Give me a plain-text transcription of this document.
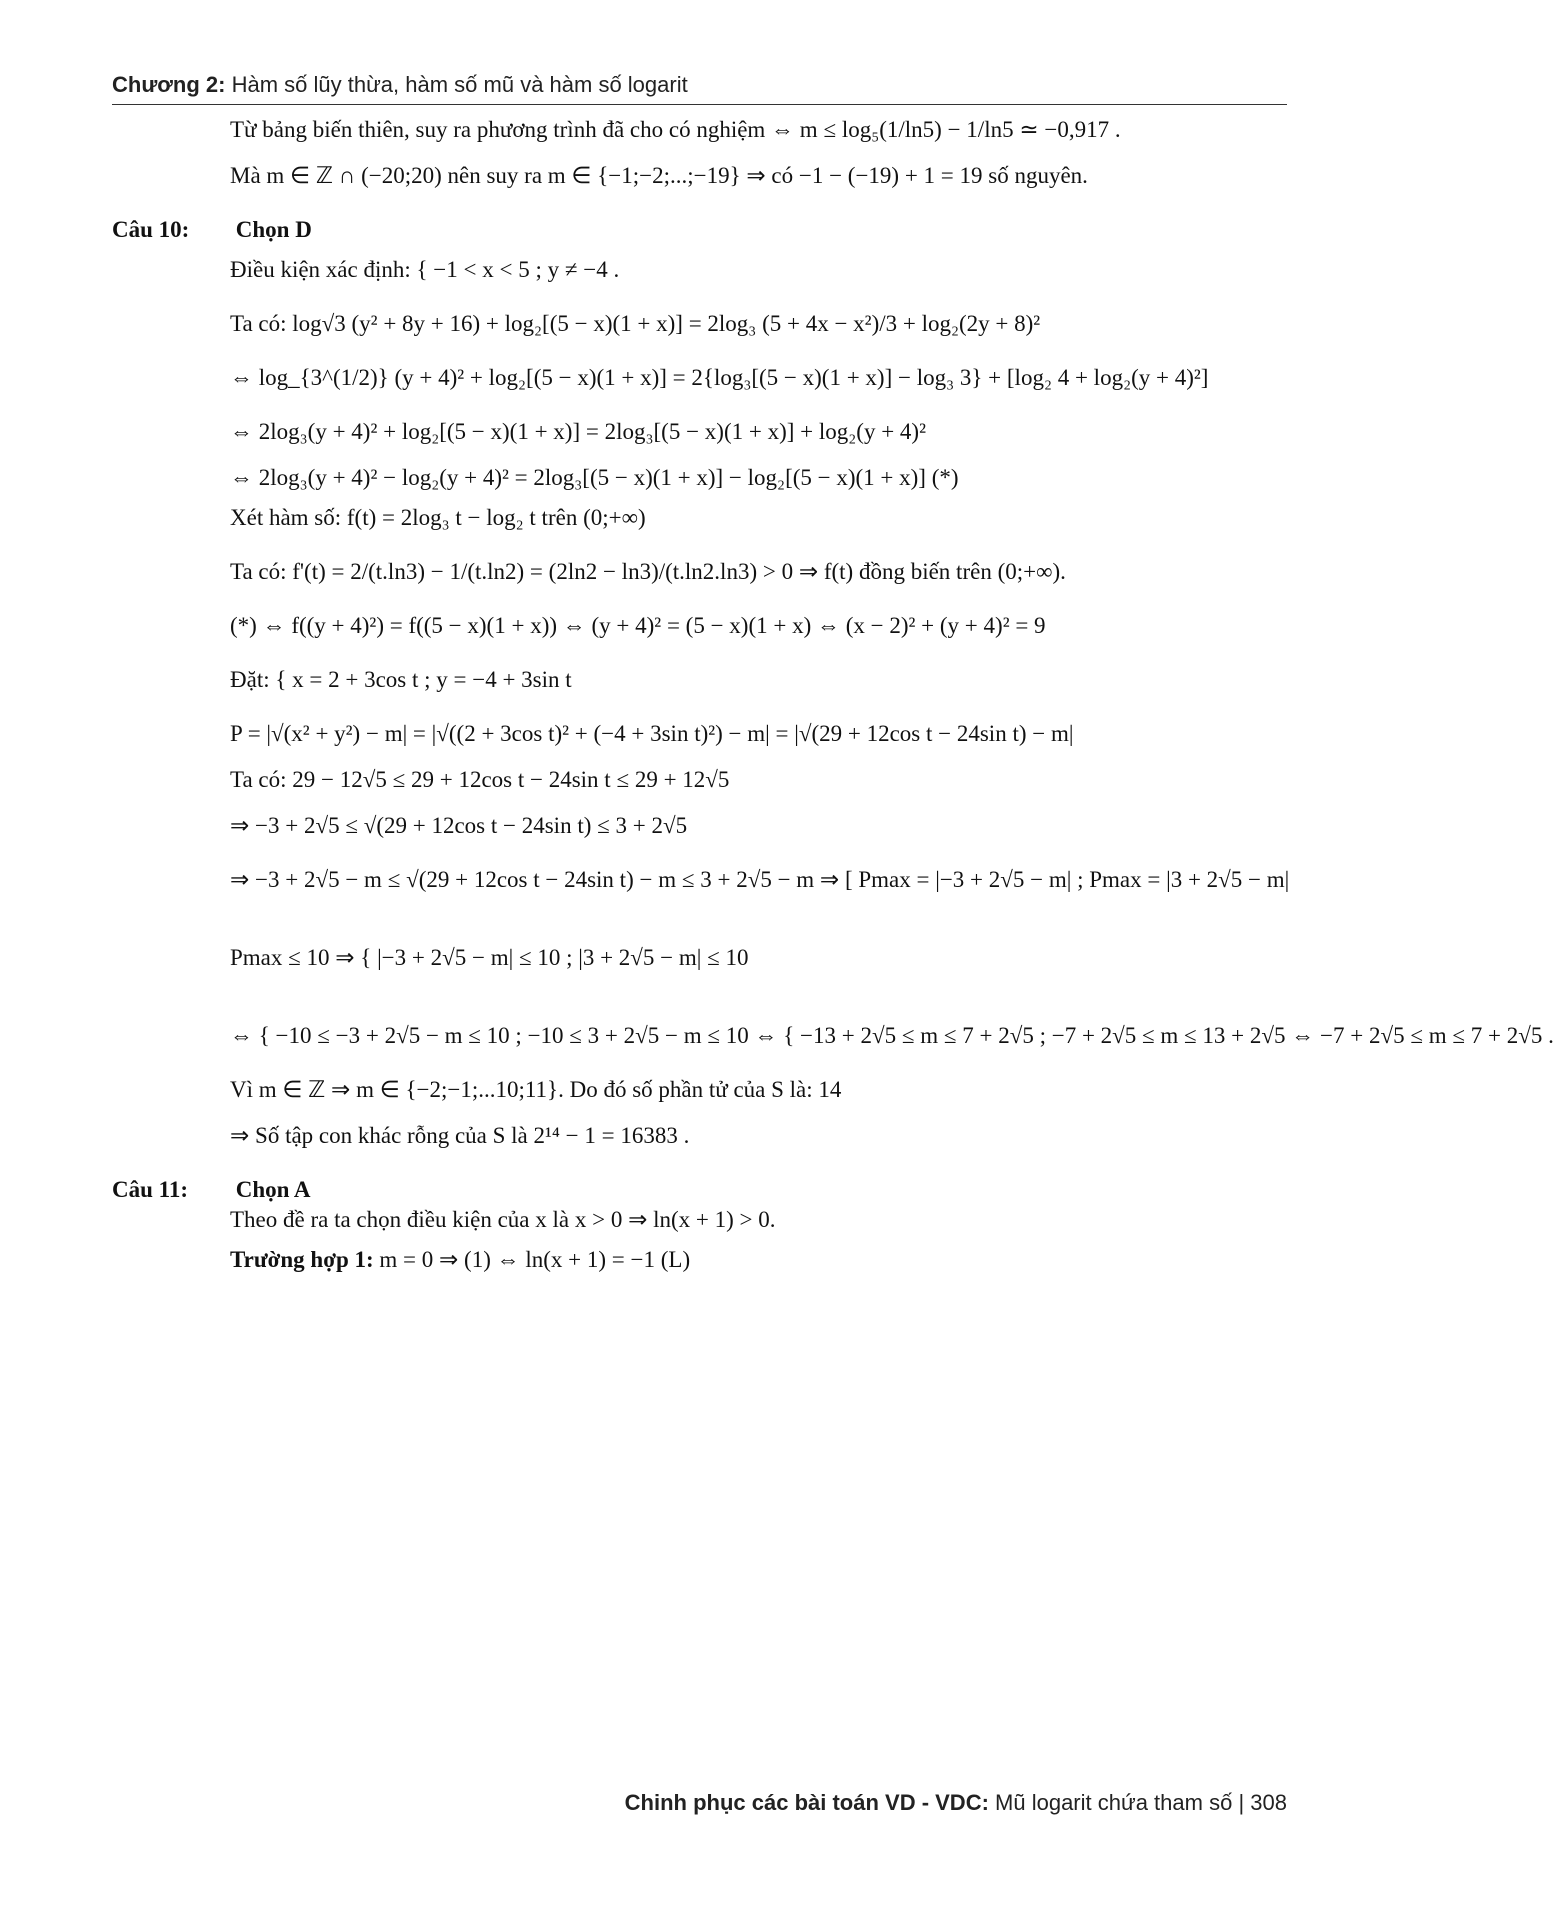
Chương 2: Hàm số lũy thừa, hàm số mũ và hàm số logarit

Từ bảng biến thiên, suy ra phương trình đã cho có nghiệm ⇔ m ≤ log₅(1/ln5) − 1/ln5 ≃ −0,917 .

Mà m ∈ ℤ ∩ (−20;20) nên suy ra m ∈ {−1;−2;...;−19} ⇒ có −1 − (−19) + 1 = 19 số nguyên.

Câu 10: Chọn D

Điều kiện xác định: { −1 < x < 5 ; y ≠ −4 .

Ta có: log√3 (y² + 8y + 16) + log₂[(5 − x)(1 + x)] = 2log₃ (5 + 4x − x²)/3 + log₂(2y + 8)²

⇔ log_{3^(1/2)} (y + 4)² + log₂[(5 − x)(1 + x)] = 2{log₃[(5 − x)(1 + x)] − log₃ 3} + [log₂ 4 + log₂(y + 4)²]

⇔ 2log₃(y + 4)² + log₂[(5 − x)(1 + x)] = 2log₃[(5 − x)(1 + x)] + log₂(y + 4)²

⇔ 2log₃(y + 4)² − log₂(y + 4)² = 2log₃[(5 − x)(1 + x)] − log₂[(5 − x)(1 + x)] (*)

Xét hàm số: f(t) = 2log₃ t − log₂ t trên (0;+∞)

Ta có: f'(t) = 2/(t.ln3) − 1/(t.ln2) = (2ln2 − ln3)/(t.ln2.ln3) > 0 ⇒ f(t) đồng biến trên (0;+∞).

(*) ⇔ f((y + 4)²) = f((5 − x)(1 + x)) ⇔ (y + 4)² = (5 − x)(1 + x) ⇔ (x − 2)² + (y + 4)² = 9

Đặt: { x = 2 + 3cos t ; y = −4 + 3sin t

P = |√(x² + y²) − m| = |√((2 + 3cos t)² + (−4 + 3sin t)²) − m| = |√(29 + 12cos t − 24sin t) − m|

Ta có: 29 − 12√5 ≤ 29 + 12cos t − 24sin t ≤ 29 + 12√5

⇒ −3 + 2√5 ≤ √(29 + 12cos t − 24sin t) ≤ 3 + 2√5

⇒ −3 + 2√5 − m ≤ √(29 + 12cos t − 24sin t) − m ≤ 3 + 2√5 − m ⇒ [ Pmax = |−3 + 2√5 − m| ; Pmax = |3 + 2√5 − m|

Pmax ≤ 10 ⇒ { |−3 + 2√5 − m| ≤ 10 ; |3 + 2√5 − m| ≤ 10

⇔ { −10 ≤ −3 + 2√5 − m ≤ 10 ; −10 ≤ 3 + 2√5 − m ≤ 10 ⇔ { −13 + 2√5 ≤ m ≤ 7 + 2√5 ; −7 + 2√5 ≤ m ≤ 13 + 2√5 ⇔ −7 + 2√5 ≤ m ≤ 7 + 2√5 .

Vì m ∈ ℤ ⇒ m ∈ {−2;−1;...10;11}. Do đó số phần tử của S là: 14

⇒ Số tập con khác rỗng của S là 2¹⁴ − 1 = 16383 .

Câu 11: Chọn A

Theo đề ra ta chọn điều kiện của x là x > 0 ⇒ ln(x + 1) > 0.

Trường hợp 1: m = 0 ⇒ (1) ⇔ ln(x + 1) = −1 (L)

Chinh phục các bài toán VD - VDC: Mũ logarit chứa tham số | 308
